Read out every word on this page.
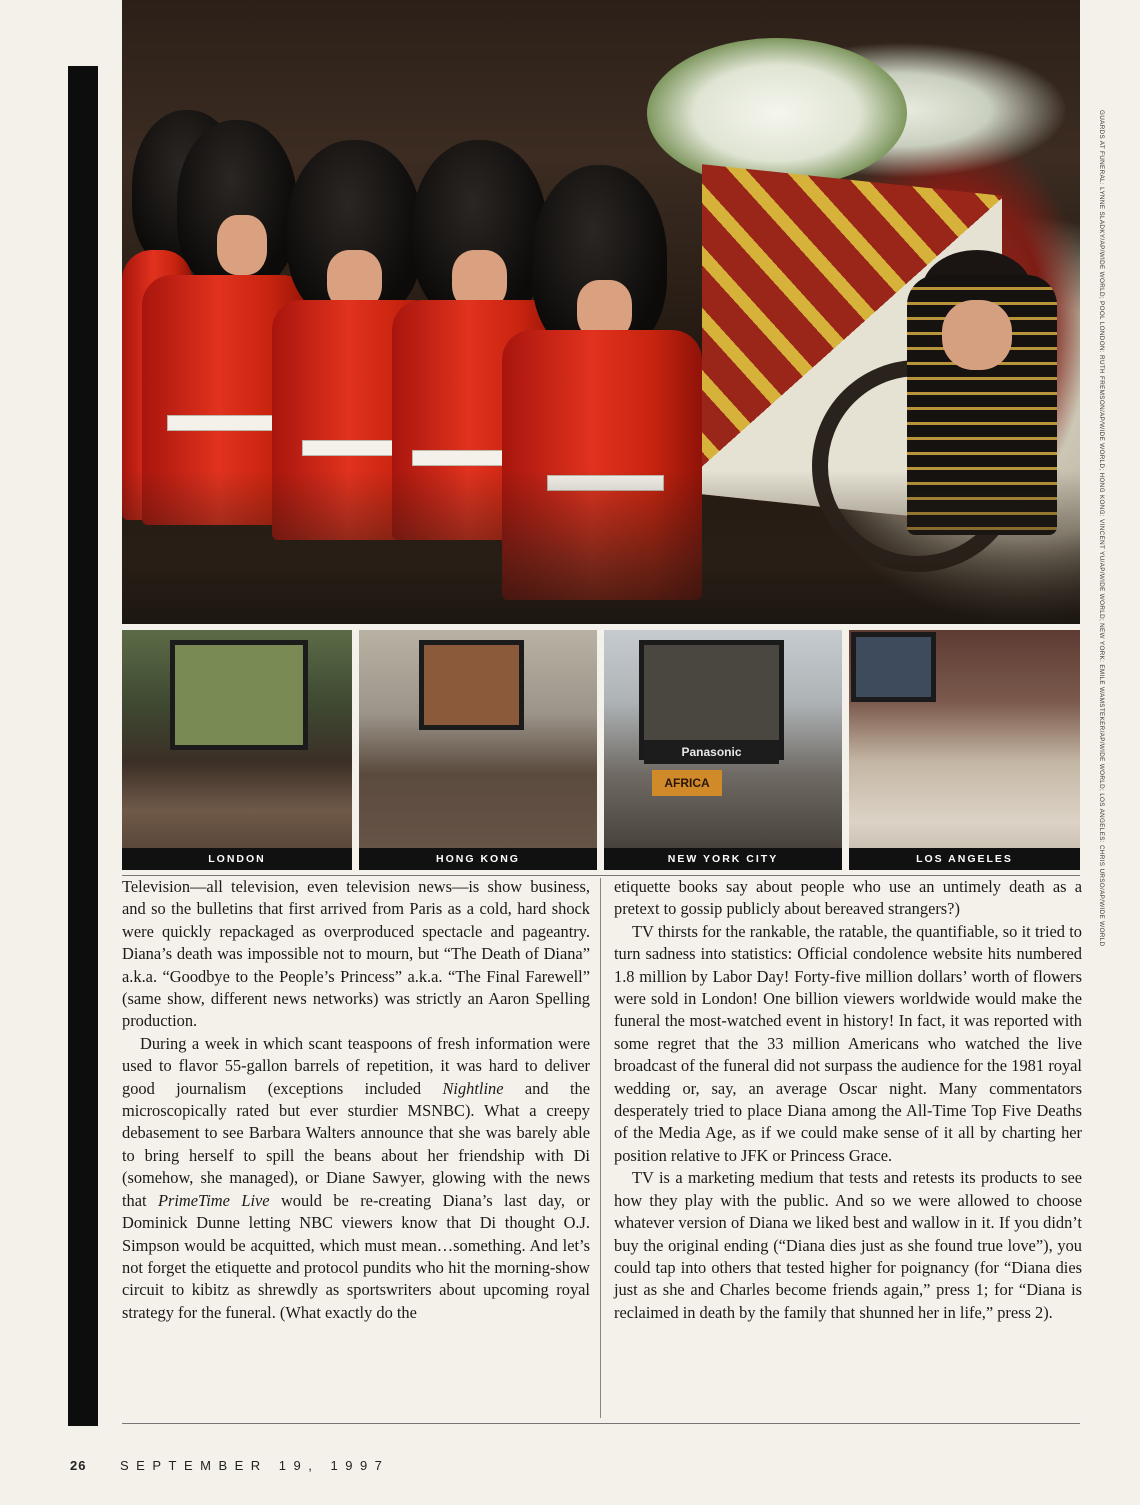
GUARDS AT FUNERAL: LYNNE SLADKY/AP/WIDE WORLD; POOL LONDON: RUTH FREMSON/AP/WIDE WORLD; HONG KONG: VINCENT YU/AP/WIDE WORLD; NEW YORK: EMILE WAMSTEKER/AP/WIDE WORLD; LOS ANGELES: CHRIS URSO/AP/WIDE WORLD
LONDON	HONG KONG
Panasonic
AFRICA
NEW YORK CITY	LOS ANGELES

Television—all television, even television news—is show business, and so the bulletins that first arrived from Paris as a cold, hard shock were quickly repackaged as overproduced spectacle and pageantry. Diana’s death was impossible not to mourn, but “The Death of Diana” a.k.a. “Goodbye to the People’s Princess” a.k.a. “The Final Farewell” (same show, different news networks) was strictly an Aaron Spelling production.

During a week in which scant teaspoons of fresh information were used to flavor 55-gallon barrels of repetition, it was hard to deliver good journalism (exceptions included Nightline and the microscopically rated but ever sturdier MSNBC). What a creepy debasement to see Barbara Walters announce that she was barely able to bring herself to spill the beans about her friendship with Di (somehow, she managed), or Diane Sawyer, glowing with the news that PrimeTime Live would be re-creating Diana’s last day, or Dominick Dunne letting NBC viewers know that Di thought O.J. Simpson would be acquitted, which must mean…something. And let’s not forget the etiquette and protocol pundits who hit the morning-show circuit to kibitz as shrewdly as sportswriters about upcoming royal strategy for the funeral. (What exactly do the

etiquette books say about people who use an untimely death as a pretext to gossip publicly about bereaved strangers?)

TV thirsts for the rankable, the ratable, the quantifiable, so it tried to turn sadness into statistics: Official condolence website hits numbered 1.8 million by Labor Day! Forty-five million dollars’ worth of flowers were sold in London! One billion viewers worldwide would make the funeral the most-watched event in history! In fact, it was reported with some regret that the 33 million Americans who watched the live broadcast of the funeral did not surpass the audience for the 1981 royal wedding or, say, an average Oscar night. Many commentators desperately tried to place Diana among the All-Time Top Five Deaths of the Media Age, as if we could make sense of it all by charting her position relative to JFK or Princess Grace.

TV is a marketing medium that tests and retests its products to see how they play with the public. And so we were allowed to choose whatever version of Diana we liked best and wallow in it. If you didn’t buy the original ending (“Diana dies just as she found true love”), you could tap into others that tested higher for poignancy (for “Diana dies just as she and Charles become friends again,” press 1; for “Diana is reclaimed in death by the family that shunned her in life,” press 2).

26	SEPTEMBER 19, 1997
